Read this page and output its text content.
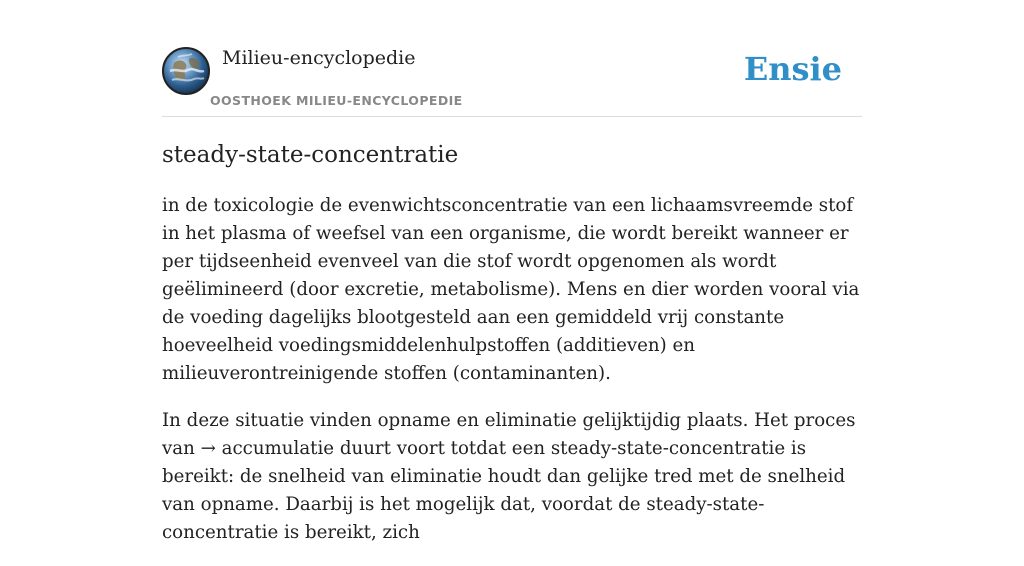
Milieu-encyclopedie
OOSTHOEK MILIEU-ENCYCLOPEDIE
Ensie
steady-state-concentratie

in de toxicologie de evenwichtsconcentratie van een lichaamsvreemde stof in het plasma of weefsel van een organisme, die wordt bereikt wanneer er per tijdseenheid evenveel van die stof wordt opgenomen als wordt geëlimineerd (door excretie, metabolisme). Mens en dier worden vooral via de voeding dagelijks blootgesteld aan een gemiddeld vrij constante hoeveelheid voedingsmiddelenhulpstoffen (additieven) en milieuverontreinigende stoffen (contaminanten).

In deze situatie vinden opname en eliminatie gelijktijdig plaats. Het proces van → accumulatie duurt voort totdat een steady-state-concentratie is bereikt: de snelheid van eliminatie houdt dan gelijke tred met de snelheid van opname. Daarbij is het mogelijk dat, voordat de steady-state-concentratie is bereikt, zich
